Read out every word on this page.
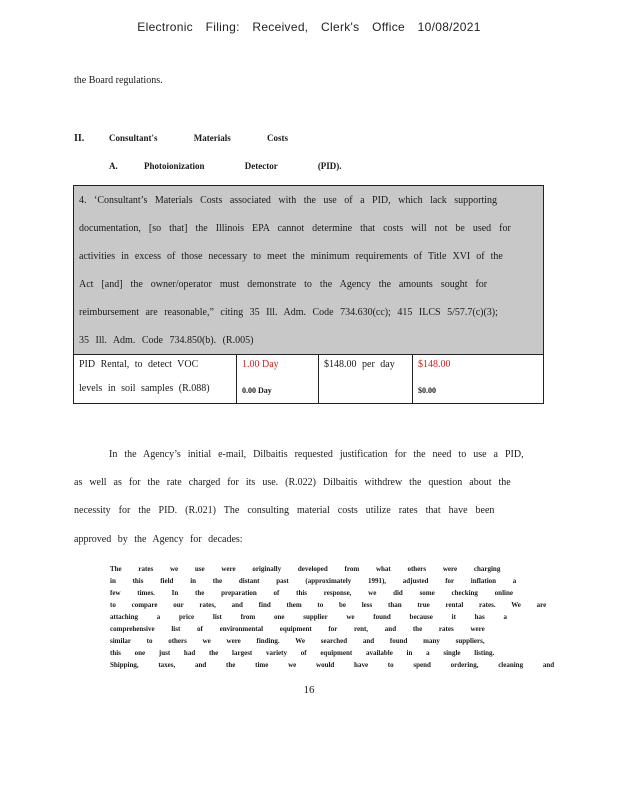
Electronic Filing: Received, Clerk's Office 10/08/2021
the Board regulations.
II.	Consultant's Materials Costs
A.	Photoionization Detector (PID).
4. ‘Consultant’s Materials Costs associated with the use of a PID, which lack supporting
documentation, [so that] the Illinois EPA cannot determine that costs will not be used for
activities in excess of those necessary to meet the minimum requirements of Title XVI of the
Act [and] the owner/operator must demonstrate to the Agency the amounts sought for
reimbursement are reasonable,” citing 35 Ill. Adm. Code 734.630(cc); 415 ILCS 5/57.7(c)(3);
35 Ill. Adm. Code 734.850(b). (R.005)
PID Rental, to detect VOC
levels in soil samples (R.088)
1.00 Day
0.00 Day
$148.00 per day $148.00
$0.00
In the Agency’s initial e-mail, Dilbaitis requested justification for the need to use a PID,
as well as for the rate charged for its use. (R.022) Dilbaitis withdrew the question about the
necessity for the PID. (R.021) The consulting material costs utilize rates that have been
approved by the Agency for decades:
The rates we use were originally developed from what others were charging
in this field in the distant past (approximately 1991), adjusted for inflation a
few times. In the preparation of this response, we did some checking online
to compare our rates, and find them to be less than true rental rates. We are
attaching a price list from one supplier we found because it has a
comprehensive list of environmental equipment for rent, and the rates were
similar to others we were finding. We searched and found many suppliers,
this one just had the largest variety of equipment available in a single listing.
Shipping, taxes, and the time we would have to spend ordering, cleaning and
16
